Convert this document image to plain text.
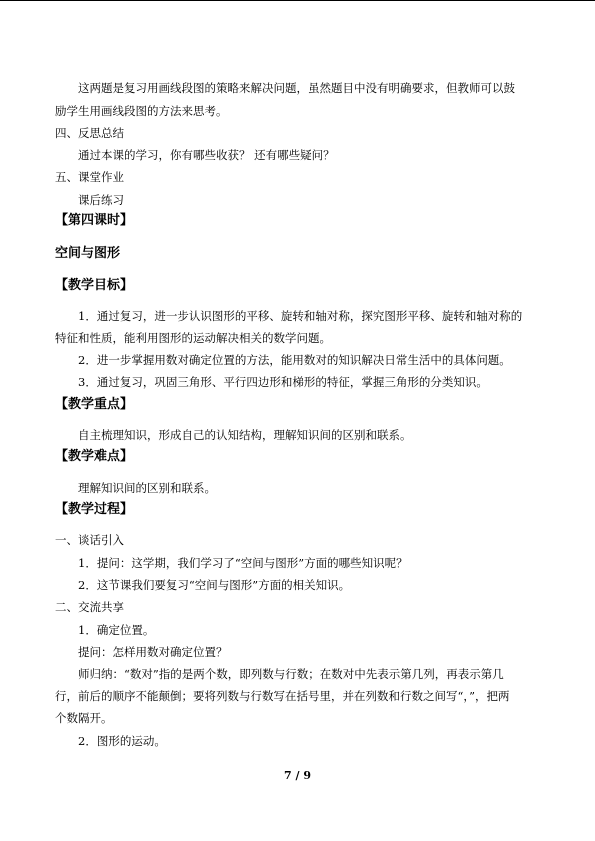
这两题是复习用画线段图的策略来解决问题，虽然题目中没有明确要求，但教师可以鼓
励学生用画线段图的方法来思考。
四、反思总结
通过本课的学习，你有哪些收获？ 还有哪些疑问？
五、课堂作业
课后练习
【第四课时】
空间与图形
【教学目标】
1．通过复习，进一步认识图形的平移、旋转和轴对称，探究图形平移、旋转和轴对称的
特征和性质，能利用图形的运动解决相关的数学问题。
2．进一步掌握用数对确定位置的方法，能用数对的知识解决日常生活中的具体问题。
3．通过复习，巩固三角形、平行四边形和梯形的特征，掌握三角形的分类知识。
【教学重点】
自主梳理知识，形成自己的认知结构，理解知识间的区别和联系。
【教学难点】
理解知识间的区别和联系。
【教学过程】
一、谈话引入
1．提问：这学期，我们学习了“空间与图形”方面的哪些知识呢？
2．这节课我们要复习“空间与图形”方面的相关知识。
二、交流共享
1．确定位置。
提问：怎样用数对确定位置？
师归纳：“数对”指的是两个数，即列数与行数；在数对中先表示第几列，再表示第几
行，前后的顺序不能颠倒；要将列数与行数写在括号里，并在列数和行数之间写“，”，把两
个数隔开。
2．图形的运动。
7 / 9
